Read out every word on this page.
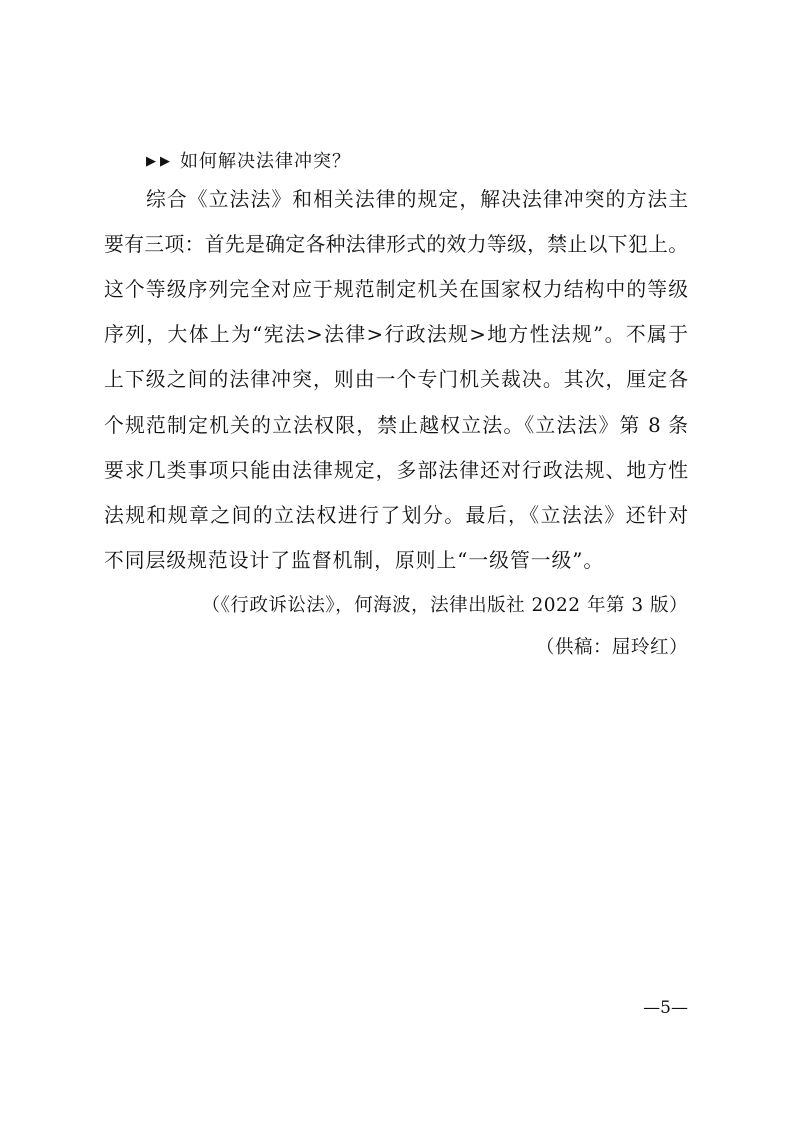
▶▶ 如何解决法律冲突？
综合《立法法》和相关法律的规定，解决法律冲突的方法主
要有三项：首先是确定各种法律形式的效力等级，禁止以下犯上。
这个等级序列完全对应于规范制定机关在国家权力结构中的等级
序列，大体上为“宪法>法律>行政法规>地方性法规”。不属于
上下级之间的法律冲突，则由一个专门机关裁决。其次，厘定各
个规范制定机关的立法权限，禁止越权立法。《立法法》第 8 条
要求几类事项只能由法律规定，多部法律还对行政法规、地方性
法规和规章之间的立法权进行了划分。最后，《立法法》还针对
不同层级规范设计了监督机制，原则上“一级管一级”。
（《行政诉讼法》，何海波，法律出版社 2022 年第 3 版）
（供稿：屈玲红）
—5—
